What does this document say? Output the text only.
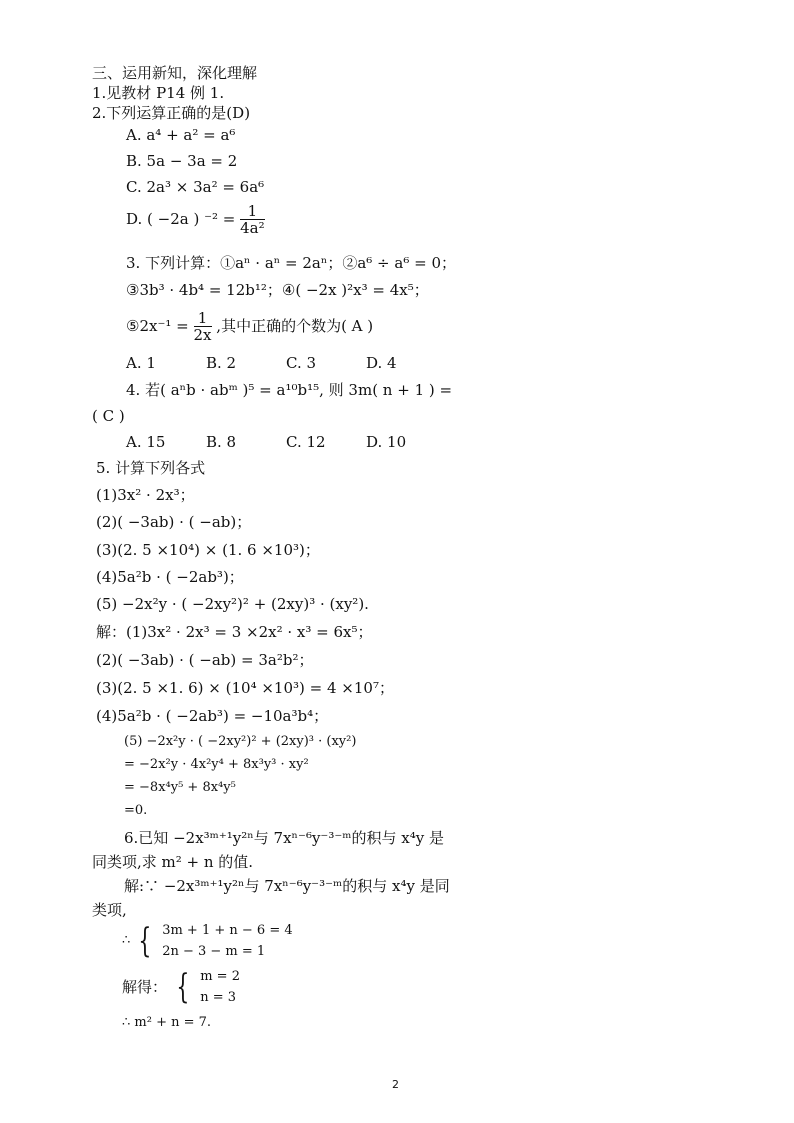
三、运用新知，深化理解
1.见教材 P14 例 1.
2.下列运算正确的是(D)
A. a⁴ + a² = a⁶
B. 5a − 3a = 2
C. 2a³ × 3a² = 6a⁶
D. ( −2a ) $^{-2} = \frac{1}{\text{4a²}}$
3. 下列计算：①aⁿ · aⁿ = 2aⁿ；②a⁶ ÷ a⁶ = 0；
③3b³ · 4b⁴ = 12b¹²；④( −2x )²x³ = 4x⁵；
⑤2x⁻¹ = $\frac{1}{2x}$ ,其中正确的个数为( A )
A. 1	B. 2	C. 3	D. 4
4. 若( aⁿb · abᵐ )⁵ = a¹⁰b¹⁵, 则 3m( n + 1 ) =
( C )
A. 15	B. 8	C. 12	D. 10
5. 计算下列各式
(1)3x² · 2x³；
(2)( −3ab) · ( −ab)；
(3)(2. 5 ×10⁴) × (1. 6 ×10³)；
(4)5a²b · ( −2ab³)；
(5) −2x²y · ( −2xy²)² + (2xy)³ · (xy²).
解：(1)3x² · 2x³ = 3 ×2x² · x³ = 6x⁵；
(2)( −3ab) · ( −ab) = 3a²b²；
(3)(2. 5 ×1. 6) × (10⁴ ×10³) = 4 ×10⁷；
(4)5a²b · ( −2ab³) = −10a³b⁴；
(5) −2x²y · ( −2xy²)² + (2xy)³ · (xy²)
= −2x²y · 4x²y⁴ + 8x³y³ · xy²
= −8x⁴y⁵ + 8x⁴y⁵
=0.
6.已知 −2x³ᵐ⁺¹y²ⁿ与 7xⁿ⁻⁶y⁻³⁻ᵐ的积与 x⁴y 是
同类项,求 m² + n 的值.
解:∵ −2x³ᵐ⁺¹y²ⁿ与 7xⁿ⁻⁶y⁻³⁻ᵐ的积与 x⁴y 是同
类项,
∴ { 3m + 1 + n − 6 = 4
2n − 3 − m = 1
解得： { m = 2
n = 3
∴ m² + n = 7.
2
